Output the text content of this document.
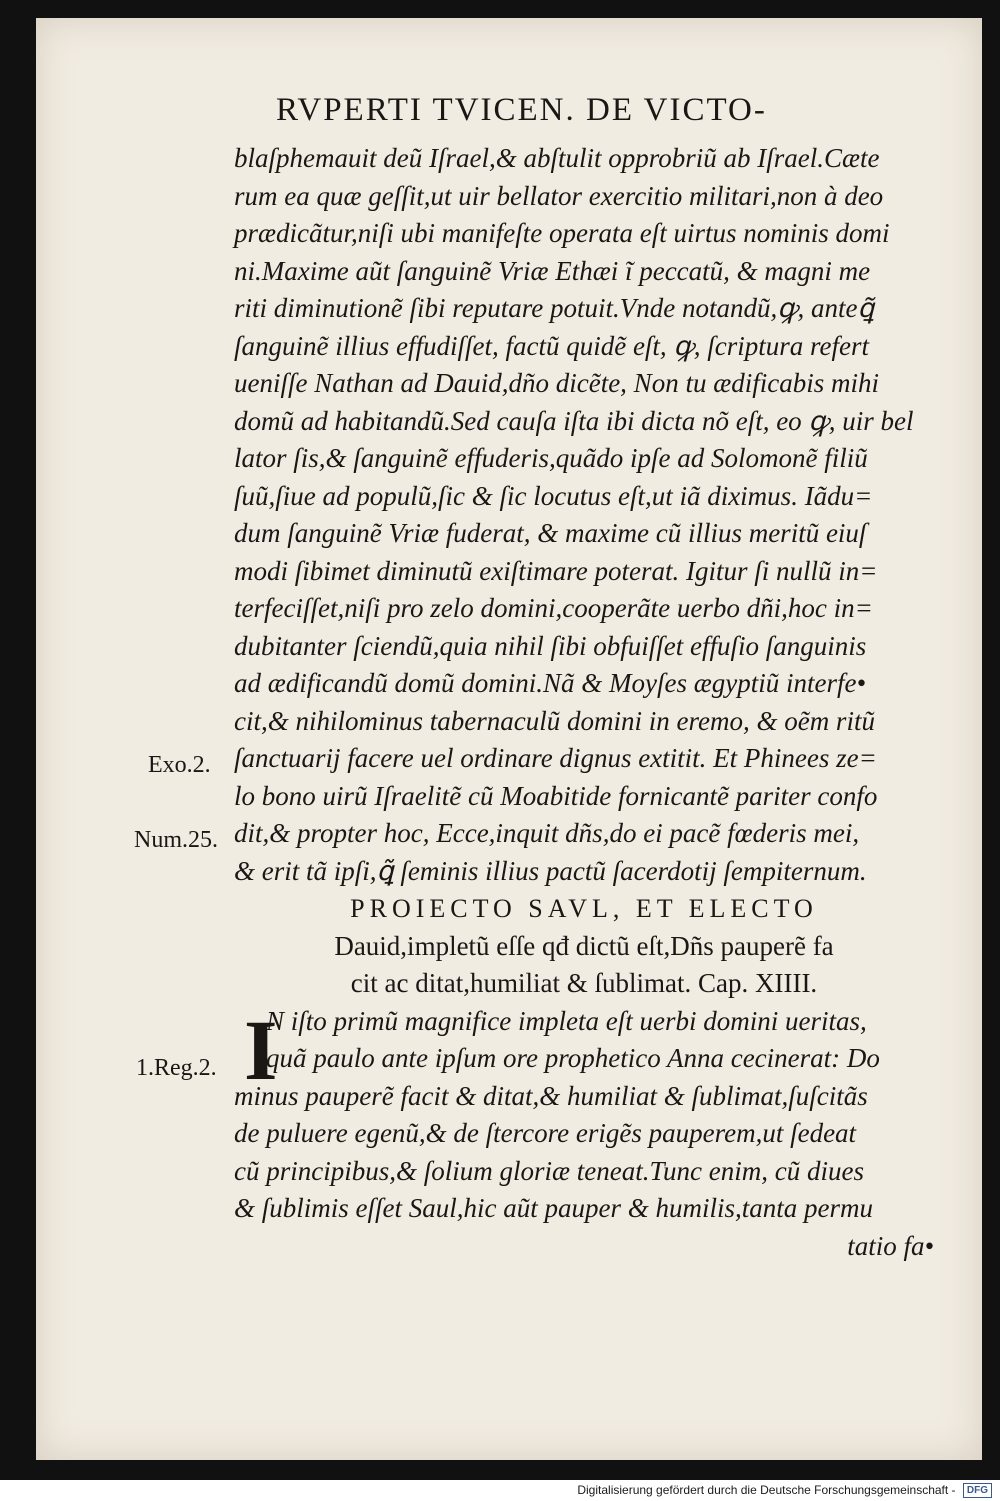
RVPERTI TVICEN. DE VICTO‐
blaſphemauit deũ Iſrael,& abſtulit opprobriũ ab Iſrael.Cæte
rum ea quæ geſſit,ut uir bellator exercitio militari,non à deo
prædicãtur,niſi ubi manifeſte operata eſt uirtus nominis domi
ni.Maxime aũt ſanguinẽ Vriæ Ethæi ĩ peccatũ, & magni me
riti diminutionẽ ſibi reputare potuit.Vnde notandũ,ꝙ, anteꝗ̃
ſanguinẽ illius effudiſſet, factũ quidẽ eſt, ꝙ, ſcriptura refert
ueniſſe Nathan ad Dauid,dño dicẽte, Non tu ædificabis mihi
domũ ad habitandũ.Sed cauſa iſta ibi dicta nõ eſt, eo ꝙ, uir bel
lator ſis,& ſanguinẽ effuderis,quãdo ipſe ad Solomonẽ filiũ
ſuũ,ſiue ad populũ,ſic & ſic locutus eſt,ut iã diximus. Iãdu=
dum ſanguinẽ Vriæ fuderat, & maxime cũ illius meritũ eiuſ
modi ſibimet diminutũ exiſtimare poterat. Igitur ſi nullũ in=
terfeciſſet,niſi pro zelo domini,cooperãte uerbo dñi,hoc in=
dubitanter ſciendũ,quia nihil ſibi obfuiſſet effuſio ſanguinis
ad ædificandũ domũ domini.Nã & Moyſes ægyptiũ interfe•
cit,& nihilominus tabernaculũ domini in eremo, & oẽm ritũ
ſanctuarij facere uel ordinare dignus extitit. Et Phinees ze=
lo bono uirũ Iſraelitẽ cũ Moabitide fornicantẽ pariter confo
dit,& propter hoc, Ecce,inquit dñs,do ei pacẽ fœderis mei,
& erit tã ipſi,ꝗ̃ ſeminis illius pactũ ſacerdotij ſempiternum.
PROIECTO SAVL, ET ELECTO
Dauid,impletũ eſſe qđ dictũ eſt,Dñs pauperẽ fa
cit ac ditat,humiliat & ſublimat. Cap. XIIII.
N iſto primũ magnifice impleta eſt uerbi domini ueritas,
quã paulo ante ipſum ore prophetico Anna cecinerat: Do
minus pauperẽ facit & ditat,& humiliat & ſublimat,ſuſcitãs
de puluere egenũ,& de ſtercore erigẽs pauperem,ut ſedeat
cũ principibus,& ſolium gloriæ teneat.Tunc enim, cũ diues
& ſublimis eſſet Saul,hic aũt pauper & humilis,tanta permu
tatio fa•
I
Exo.2.
Num.25.
1.Reg.2.
Digitalisierung gefördert durch die Deutsche Forschungsgemeinschaft - DFG
